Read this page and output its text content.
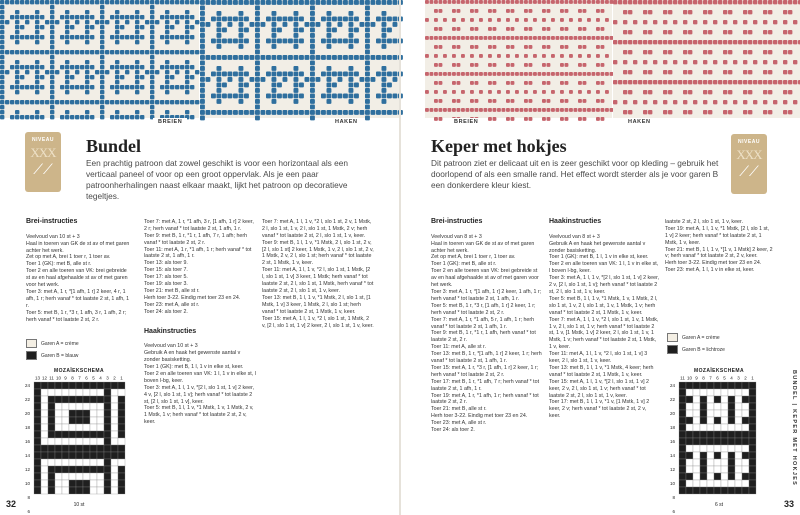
BREIEN	HAKEN
NIVEAU
XXX
⟋⟋
Bundel
Een prachtig patroon dat zowel geschikt is voor een horizontaal als een verticaal paneel of voor op een groot oppervlak. Als je een paar patroonherhalingen naast elkaar maakt, lijkt het patroon op decoratieve tegeltjes.

Brei-instructies

Veelvoud van 10 st + 3
Haal in toeren van GK de st av of met garen achter het werk.
Zet op met A, brei 1 toer r, 1 toer av.
Toer 1 (GK): met B, alle st r.
Toer 2 en alle toeren van VK: brei gebreide st av en haal afgehaalde st av of met garen voor het werk.
Toer 3: met A, 1 r, *[1 afh, 1 r] 2 keer, 4 r, 1 afh, 1 r; herh vanaf * tot laatste 2 st, 1 afh, 1 r.
Toer 5: met B, 1 r, *3 r, 1 afh, 3 r, 1 afh, 2 r; herh vanaf * tot laatste 2 st, 2 r.

Garen A = crème
Garen B = blauw
MOZAÏEKSCHEMA
13 12 11 10 9 8 7 6 5 4 3 2 1
24
22
20
18
16
14
12
10
8
6
10 st

Toer 7: met A, 1 r, *1 afh, 3 r, [1 afh, 1 r] 2 keer, 2 r; herh vanaf * tot laatste 2 st, 1 afh, 1 r.
Toer 9: met B, 1 r, *1 r, 1 afh, 7 r, 1 afh; herh vanaf * tot laatste 2 st, 2 r.
Toer 11: met A, 1 r, *1 afh, 1 r; herh vanaf * tot laatste 2 st, 1 afh, 1 r.
Toer 13: als toer 9.
Toer 15: als toer 7.
Toer 17: als toer 5.
Toer 19: als toer 3.
Toer 21: met B, alle st r.
Herh toer 3-22. Eindig met toer 23 en 24.
Toer 23: met A, alle st r.
Toer 24: als toer 2.

Haakinstructies

Veelvoud van 10 st + 3
Gebruik A en haak het gewenste aantal v zonder basisketting.
Toer 1 (GK): met B, 1 l, 1 v in elke st, keer.
Toer 2 en alle toeren van VK: 1 l, 1 v in elke st, l boven l-bg, keer.
Toer 3: met A, 1 l, 1 v, *[2 l, slo 1 st, 1 v] 2 keer, 4 v, [2 l, slo 1 st, 1 v]; herh vanaf * tot laatste 2 st, [2 l, slo 1 st, 1 v], keer.
Toer 5: met B, 1 l, 1 v, *1 Mstk, 1 v, 1 Mstk, 2 v, 1 Mstk, 1 v; herh vanaf * tot laatste 2 st, 2 v, keer.

Toer 7: met A, 1 l, 1 v, *2 l, slo 1 st, 2 v, 1 Mstk, 2 l, slo 1 st, 1 v, 2 l, slo 1 st, 1 Mstk, 2 v; herh vanaf * tot laatste 2 st, 2 l, slo 1 st, 1 v, keer.
Toer 9: met B, 1 l, 1 v, *1 Mstk, 2 l, slo 1 st, 2 v, [2 l, slo 1 st] 2 keer, 1 Mstk, 1 v, 2 l, slo 1 st, 2 v, 1 Mstk, 2 v, 2 l, slo 1 st; herh vanaf * tot laatste 2 st, 1 Mstk, 1 v, keer.
Toer 11: met A, 1 l, 1 v, *2 l, slo 1 st, 1 Mstk, [2 l, slo 1 st, 1 v] 3 keer, 1 Mstk; herh vanaf * tot laatste 2 st, 2 l, slo 1 st, 1 Mstk, herh vanaf * tot laatste 2 st, 2 l, slo 1 st, 1 v, keer.
Toer 13: met B, 1 l, 1 v, *1 Mstk, 2 l, slo 1 st, [1 Mstk, 1 v] 3 keer, 1 Mstk, 2 l, slo 1 st; herh vanaf * tot laatste 2 st, 1 Mstk, 1 v, keer.
Toer 15: met A, 1 l, 1 v, *2 l, slo 1 st, 1 Mstk, 2 v, [2 l, slo 1 st, 1 v] 2 keer, 2 l, slo 1 st, 1 v, keer.

32
BREIEN	HAKEN
NIVEAU
XXX
⟋⟋
Keper met hokjes
Dit patroon ziet er delicaat uit en is zeer geschikt voor op kleding – gebruik het doorlopend of als een smalle rand. Het effect wordt sterder als je voor garen B een donkerdere kleur kiest.

Brei-instructies

Veelvoud van 8 st + 3
Haal in toeren van GK de st av of met garen achter het werk.
Zet op met A, brei 1 toer r, 1 toer av.
Toer 1 (GK): met B, alle st r.
Toer 2 en alle toeren van VK: brei gebreide st av en haal afgehaalde st av of met garen voor het werk.
Toer 3: met A, 1 r, *[1 afh, 1 r] 2 keer, 1 afh, 1 r; herh vanaf * tot laatste 2 st, 1 afh, 1 r.
Toer 5: met B, 1 r, *3 r, [1 afh, 1 r] 2 keer, 1 r; herh vanaf * tot laatste 2 st, 2 r.
Toer 7: met A, 1 r, *1 afh, 5 r, 1 afh, 1 r; herh vanaf * tot laatste 2 st, 1 afh, 1 r.
Toer 9: met B, 1 r, *1 r, 1 afh, herh vanaf * tot laatste 2 st, 2 r.
Toer 11: met A, alle st r.
Toer 13: met B, 1 r, *[1 afh, 1 r] 2 keer, 1 r; herh vanaf * tot laatste 2 st, 1 afh, 1 r.
Toer 15: met A, 1 r, *3 r, [1 afh, 1 r] 2 keer, 1 r; herh vanaf * tot laatste 2 st, 2 r.
Toer 17: met B, 1 r, *1 afh, 7 r; herh vanaf * tot laatste 2 st, 1 afh, 1 r.
Toer 19: met A, 1 r, *1 afh, 1 r; herh vanaf * tot laatste 2 st, 2 r.
Toer 21: met B, alle st r.
Herh toer 3-22. Eindig met toer 23 en 24.
Toer 23: met A, alle st r.
Toer 24: als toer 2.

Haakinstructies

Veelvoud van 8 st + 3
Gebruik A en haak het gewenste aantal v zonder basisketting.
Toer 1 (GK): met B, 1 l, 1 v in elke st, keer.
Toer 2 en alle toeren van VK: 1 l, 1 v in elke st, l boven l-bg, keer.
Toer 3: met A, 1 l, 1 v, *[2 l, slo 1 st, 1 v] 2 keer, 2 v, [2 l, slo 1 st, 1 v]; herh vanaf * tot laatste 2 st, 2 l, slo 1 st, 1 v, keer.
Toer 5: met B, 1 l, 1 v, *1 Mstk, 1 v, 1 Mstk, 2 l, slo 1 st, 1 v, 2 l, slo 1 st, 1 v, 1 Mstk, 1 v; herh vanaf * tot laatste 2 st, 1 Mstk, 1 v, keer.
Toer 7: met A, 1 l, 1 v, *2 l, slo 1 st, 1 v, 1 Mstk, 1 v, 2 l, slo 1 st, 1 v; herh vanaf * tot laatste 2 st, 1 v, [1 Mstk, 1 v] 2 keer, 2 l, slo 1 st, 1 v, 1 Mstk, 1 v; herh vanaf * tot laatste 2 st, 1 Mstk, 1 v, keer.
Toer 11: met A, 1 l, 1 v, *2 l, slo 1 st, 1 v] 3 keer, 2 l, slo 1 st, 1 v, keer.
Toer 13: met B, 1 l, 1 v, *1 Mstk, 4 keer; herh vanaf * tot laatste 2 st, 1 Mstk, 1 v, keer.
Toer 15: met A, 1 l, 1 v, *[2 l, slo 1 st, 1 v] 2 keer, 2 v, 2 l, slo 1 st, 1 v; herh vanaf * tot laatste 2 st, 2 l, slo 1 st, 1 v, keer.
Toer 17: met B, 1 l, 1 v, *1 v, [1 Mstk, 1 v] 2 keer, 2 v; herh vanaf * tot laatste 2 st, 2 v, keer.

laatste 2 st, 2 l, slo 1 st, 1 v, keer.
Toer 19: met A, 1 l, 1 v, *1 Mstk, [2 l, slo 1 st, 1 v] 2 keer; herh vanaf * tot laatste 2 st, 1 Mstk, 1 v, keer.
Toer 21: met B, 1 l, 1 v, *[1 v, 1 Mstk] 2 keer, 2 v; herh vanaf * tot laatste 2 st, 2 v, keer.
Herh toer 3-22. Eindig met toer 23 en 24.
Toer 23: met A, 1 l, 1 v in elke st, keer.

Garen A = crème
Garen B = lichtroze
MOZAÏEKSCHEMA
11 10 9 8 7 6 5 4 3 2 1
24
22
20
18
16
14
12
10
8
6
6 st
BUNDEL | KEPER MET HOKJES
33
